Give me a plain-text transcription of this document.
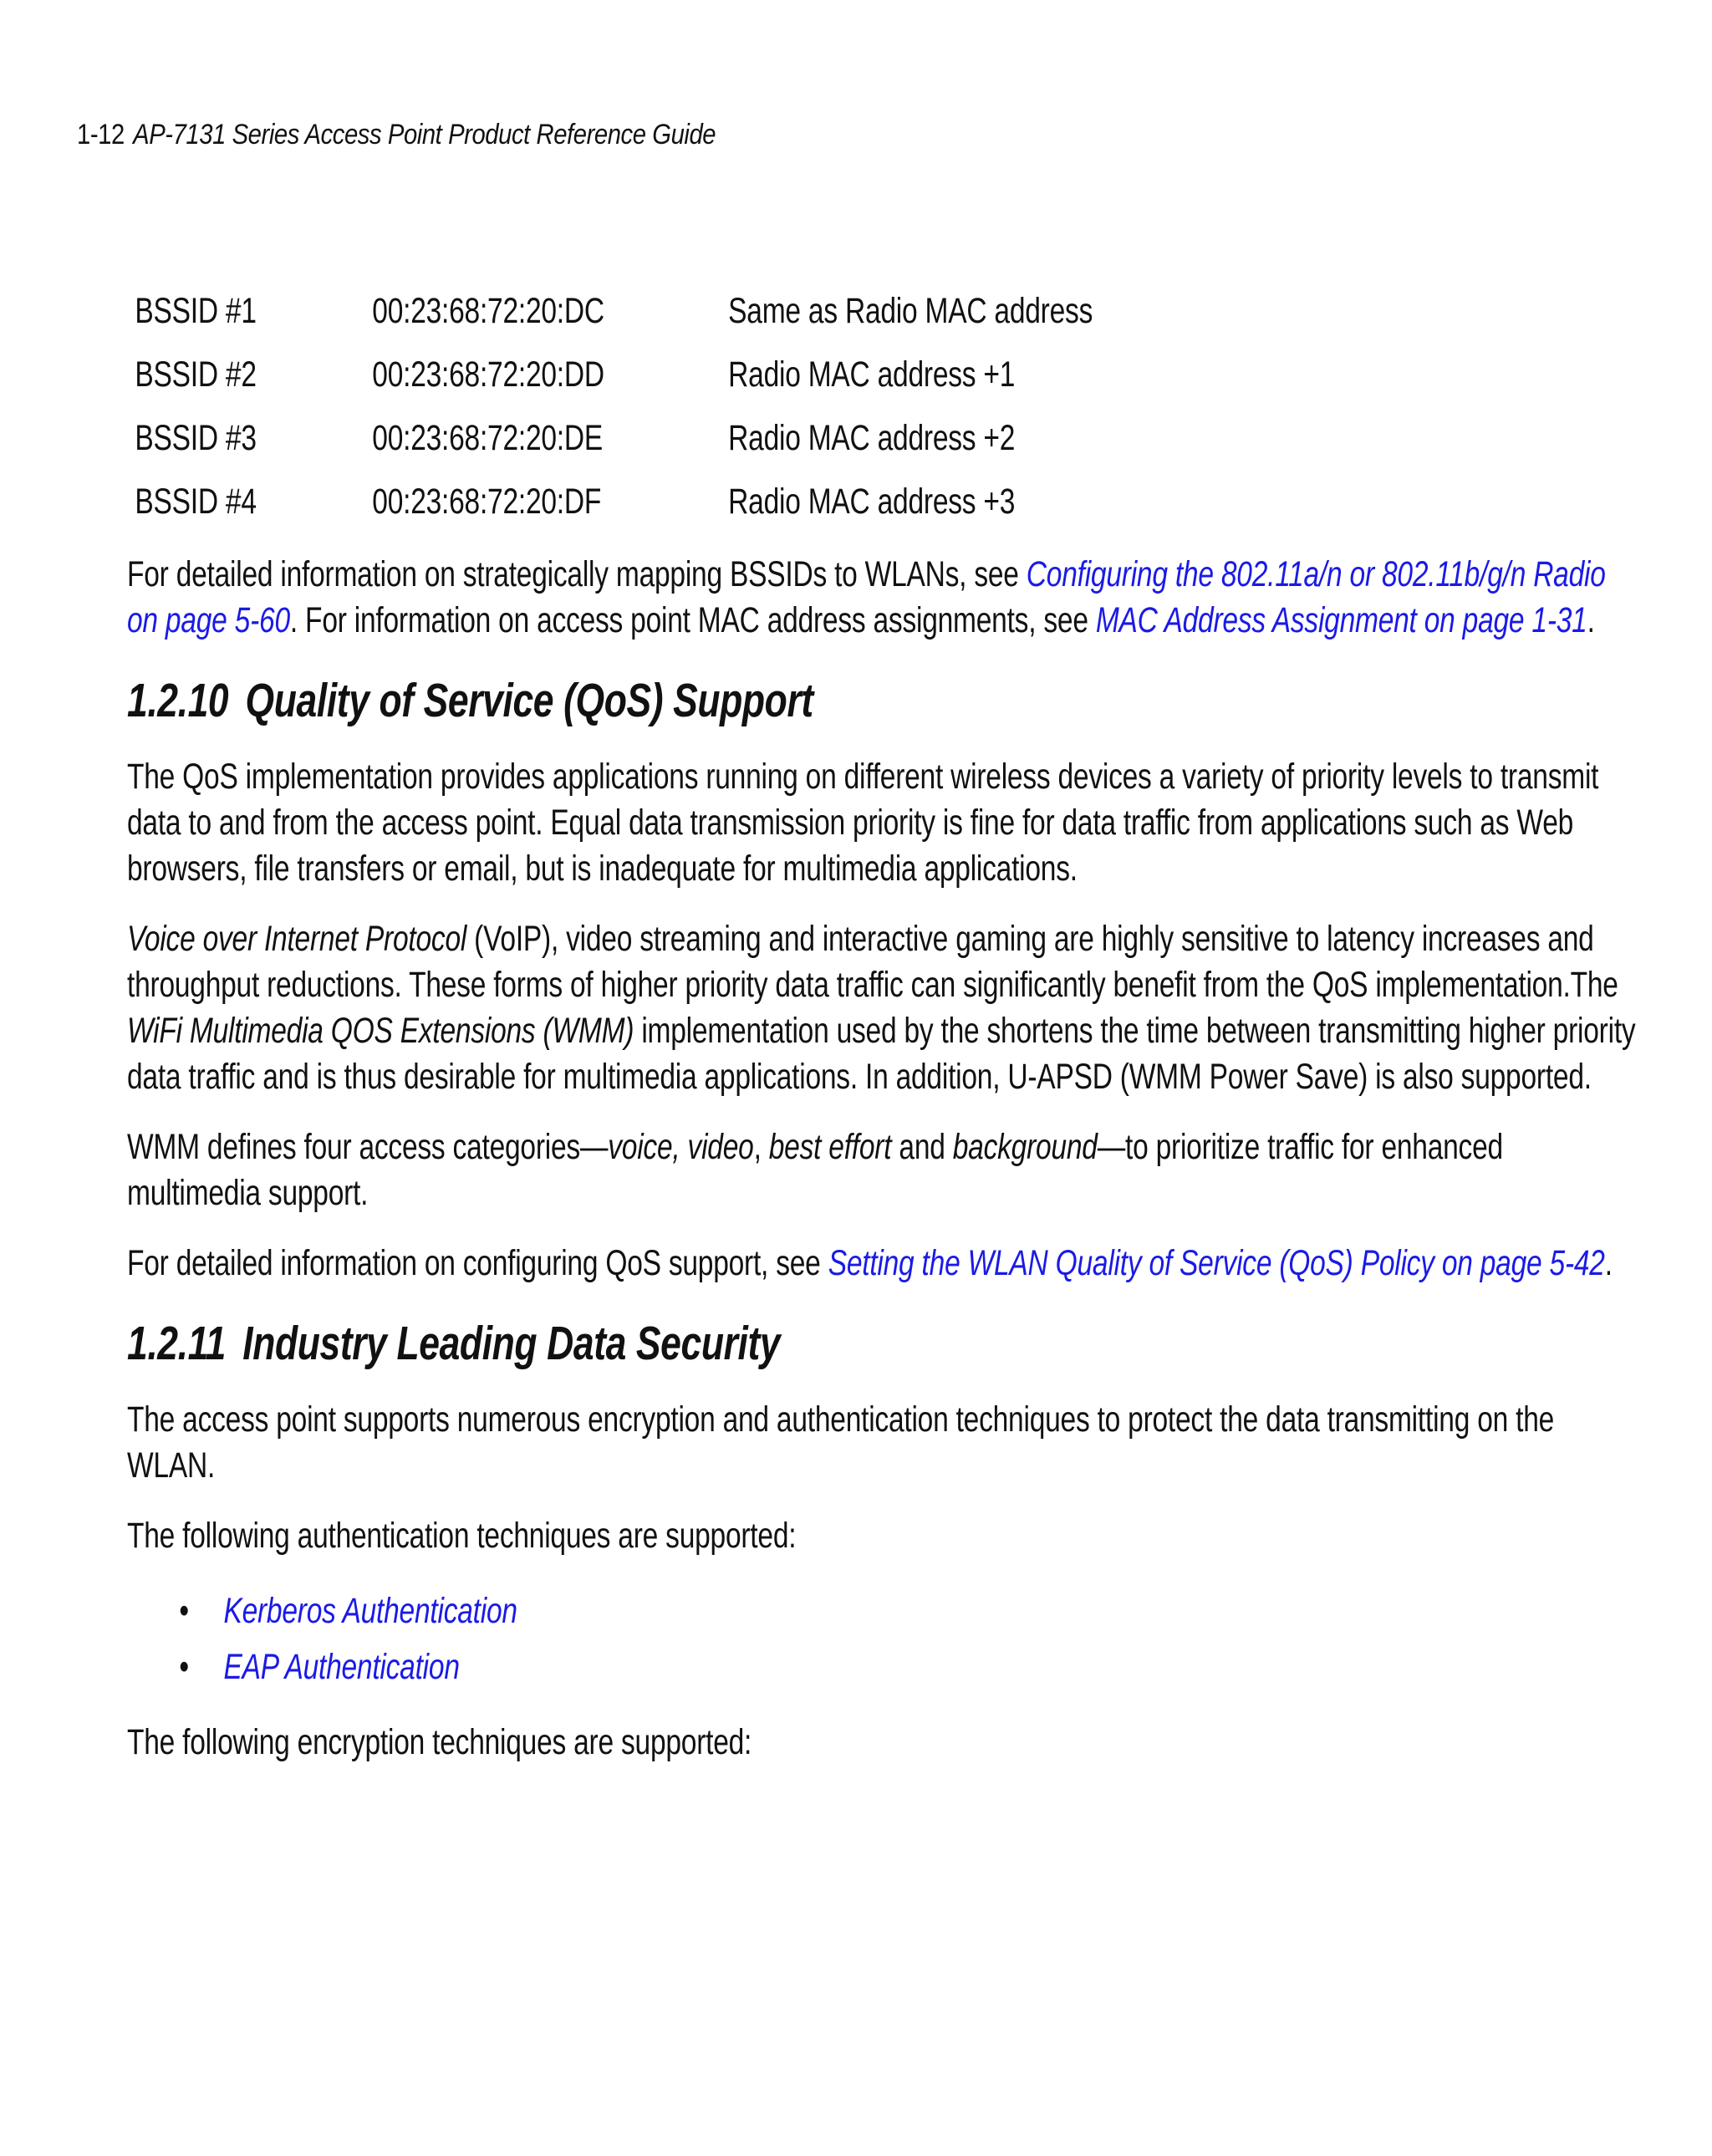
1-12 AP-7131 Series Access Point Product Reference Guide
BSSID #1	00:23:68:72:20:DC	Same as Radio MAC address
BSSID #2	00:23:68:72:20:DD	Radio MAC address +1
BSSID #3	00:23:68:72:20:DE	Radio MAC address +2
BSSID #4	00:23:68:72:20:DF	Radio MAC address +3

For detailed information on strategically mapping BSSIDs to WLANs, see Configuring the 802.11a/n or 802.11b/g/n Radio on page 5-60. For information on access point MAC address assignments, see MAC Address Assignment on page 1-31.

1.2.10 Quality of Service (QoS) Support

The QoS implementation provides applications running on different wireless devices a variety of priority levels to transmit data to and from the access point. Equal data transmission priority is fine for data traffic from applications such as Web browsers, file transfers or email, but is inadequate for multimedia applications.

Voice over Internet Protocol (VoIP), video streaming and interactive gaming are highly sensitive to latency increases and throughput reductions. These forms of higher priority data traffic can significantly benefit from the QoS implementation.The WiFi Multimedia QOS Extensions (WMM) implementation used by the shortens the time between transmitting higher priority data traffic and is thus desirable for multimedia applications. In addition, U-APSD (WMM Power Save) is also supported.

WMM defines four access categories—voice, video, best effort and background—to prioritize traffic for enhanced multimedia support.

For detailed information on configuring QoS support, see Setting the WLAN Quality of Service (QoS) Policy on page 5-42.

1.2.11 Industry Leading Data Security

The access point supports numerous encryption and authentication techniques to protect the data transmitting on the WLAN.

The following authentication techniques are supported:

• Kerberos Authentication
• EAP Authentication

The following encryption techniques are supported:
